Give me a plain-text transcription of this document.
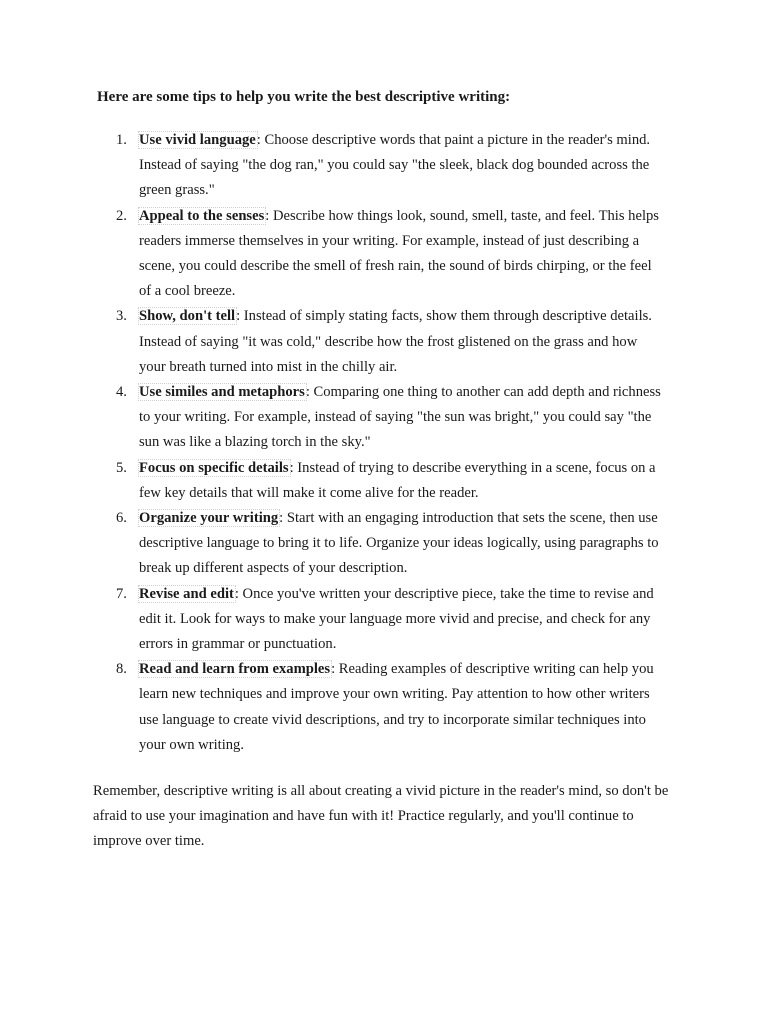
Here are some tips to help you write the best descriptive writing:
1. Use vivid language: Choose descriptive words that paint a picture in the reader's mind. Instead of saying "the dog ran," you could say "the sleek, black dog bounded across the green grass."
2. Appeal to the senses: Describe how things look, sound, smell, taste, and feel. This helps readers immerse themselves in your writing. For example, instead of just describing a scene, you could describe the smell of fresh rain, the sound of birds chirping, or the feel of a cool breeze.
3. Show, don't tell: Instead of simply stating facts, show them through descriptive details. Instead of saying "it was cold," describe how the frost glistened on the grass and how your breath turned into mist in the chilly air.
4. Use similes and metaphors: Comparing one thing to another can add depth and richness to your writing. For example, instead of saying "the sun was bright," you could say "the sun was like a blazing torch in the sky."
5. Focus on specific details: Instead of trying to describe everything in a scene, focus on a few key details that will make it come alive for the reader.
6. Organize your writing: Start with an engaging introduction that sets the scene, then use descriptive language to bring it to life. Organize your ideas logically, using paragraphs to break up different aspects of your description.
7. Revise and edit: Once you've written your descriptive piece, take the time to revise and edit it. Look for ways to make your language more vivid and precise, and check for any errors in grammar or punctuation.
8. Read and learn from examples: Reading examples of descriptive writing can help you learn new techniques and improve your own writing. Pay attention to how other writers use language to create vivid descriptions, and try to incorporate similar techniques into your own writing.

Remember, descriptive writing is all about creating a vivid picture in the reader's mind, so don't be afraid to use your imagination and have fun with it! Practice regularly, and you'll continue to improve over time.
